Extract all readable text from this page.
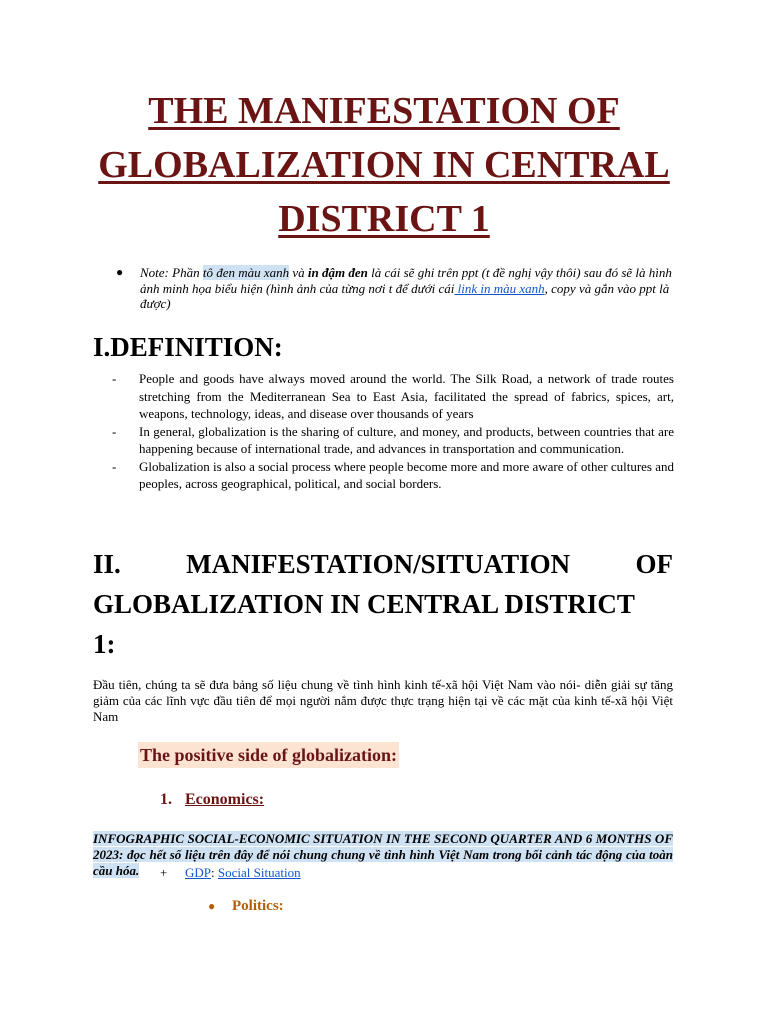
THE MANIFESTATION OF
GLOBALIZATION IN CENTRAL
DISTRICT 1
● Note: Phần tô đen màu xanh và in đậm đen là cái sẽ ghi trên ppt (t đề nghị vậy thôi) sau đó sẽ là hình ảnh minh họa biểu hiện (hình ảnh của từng nơi t để dưới cái link in màu xanh, copy và gắn vào ppt là được)
I.DEFINITION:
- People and goods have always moved around the world. The Silk Road, a network of trade routes stretching from the Mediterranean Sea to East Asia, facilitated the spread of fabrics, spices, art, weapons, technology, ideas, and disease over thousands of years
- In general, globalization is the sharing of culture, and money, and products, between countries that are happening because of international trade, and advances in transportation and communication.
- Globalization is also a social process where people become more and more aware of other cultures and peoples, across geographical, political, and social borders.
II. MANIFESTATION/SITUATION OF
GLOBALIZATION IN CENTRAL DISTRICT
1:

Đầu tiên, chúng ta sẽ đưa bảng số liệu chung về tình hình kinh tế-xã hội Việt Nam vào nói- diễn giải sự tăng giảm của các lĩnh vực đầu tiên để mọi người nắm được thực trạng hiện tại về các mặt của kinh tế-xã hội Việt Nam

The positive side of globalization:
1. Economics:

INFOGRAPHIC SOCIAL-ECONOMIC SITUATION IN THE SECOND QUARTER AND 6 MONTHS OF 2023: đọc hết số liệu trên đây để nói chung chung về tình hình Việt Nam trong bối cảnh tác động của toàn cầu hóa.	+ GDP: Social Situation
● Politics:
